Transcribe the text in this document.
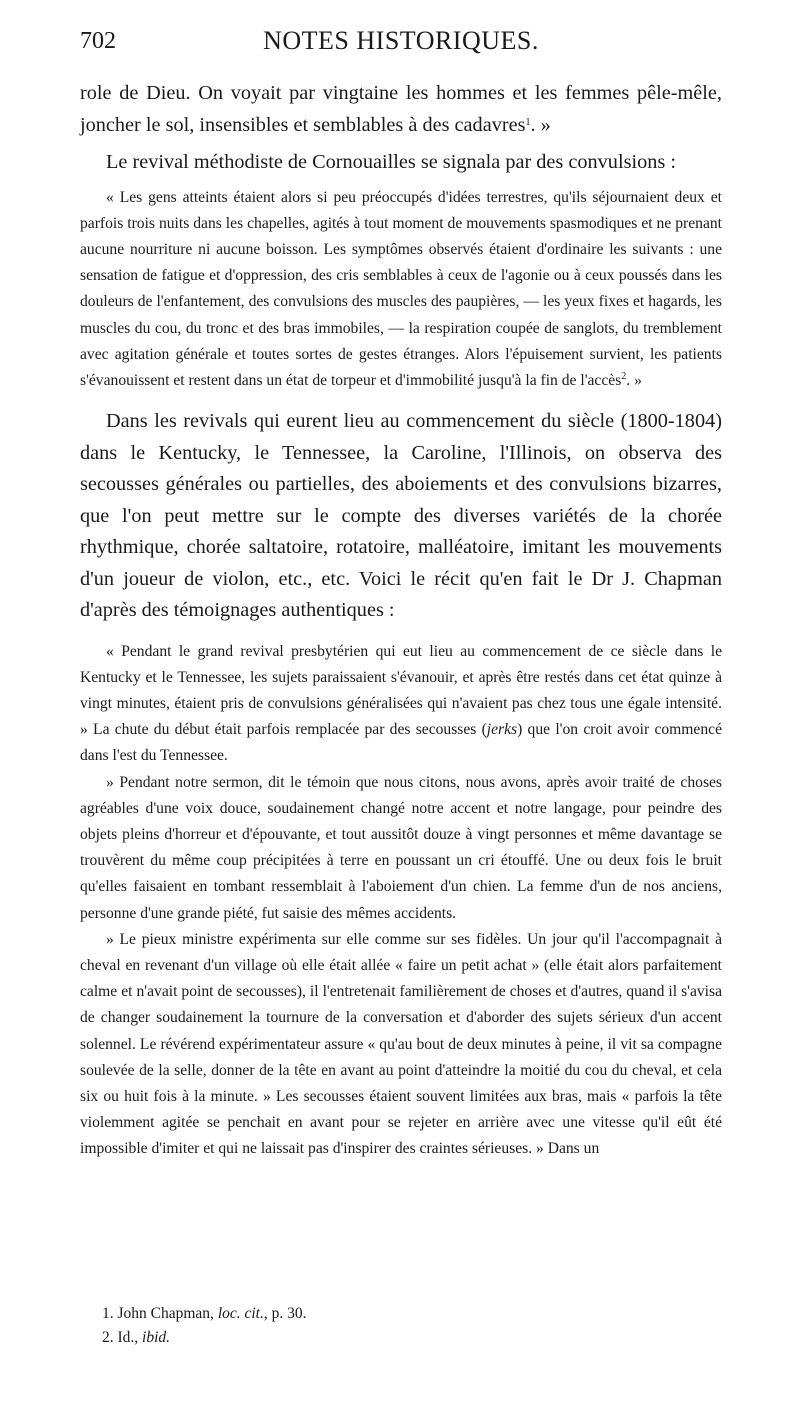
702	NOTES HISTORIQUES.

role de Dieu. On voyait par vingtaine les hommes et les femmes pêle-mêle, joncher le sol, insensibles et semblables à des cadavres$^1$. »

Le revival méthodiste de Cornouailles se signala par des convulsions :

« Les gens atteints étaient alors si peu préoccupés d'idées terrestres, qu'ils séjournaient deux et parfois trois nuits dans les chapelles, agités à tout moment de mouvements spasmodiques et ne prenant aucune nourriture ni aucune boisson. Les symptômes observés étaient d'ordinaire les suivants : une sensation de fatigue et d'oppression, des cris semblables à ceux de l'agonie ou à ceux poussés dans les douleurs de l'enfantement, des convulsions des muscles des paupières, — les yeux fixes et hagards, les muscles du cou, du tronc et des bras immobiles, — la respiration coupée de sanglots, du tremblement avec agitation générale et toutes sortes de gestes étranges. Alors l'épuisement survient, les patients s'évanouissent et restent dans un état de torpeur et d'immobilité jusqu'à la fin de l'accès$^2$. »

Dans les revivals qui eurent lieu au commencement du siècle (1800-1804) dans le Kentucky, le Tennessee, la Caroline, l'Illinois, on observa des secousses générales ou partielles, des aboiements et des convulsions bizarres, que l'on peut mettre sur le compte des diverses variétés de la chorée rhythmique, chorée saltatoire, rotatoire, malléatoire, imitant les mouvements d'un joueur de violon, etc., etc. Voici le récit qu'en fait le Dr J. Chapman d'après des témoignages authentiques :

« Pendant le grand revival presbytérien qui eut lieu au commencement de ce siècle dans le Kentucky et le Tennessee, les sujets paraissaient s'évanouir, et après être restés dans cet état quinze à vingt minutes, étaient pris de convulsions généralisées qui n'avaient pas chez tous une égale intensité. » La chute du début était parfois remplacée par des secousses (jerks) que l'on croit avoir commencé dans l'est du Tennessee.

» Pendant notre sermon, dit le témoin que nous citons, nous avons, après avoir traité de choses agréables d'une voix douce, soudainement changé notre accent et notre langage, pour peindre des objets pleins d'horreur et d'épouvante, et tout aussitôt douze à vingt personnes et même davantage se trouvèrent du même coup précipitées à terre en poussant un cri étouffé. Une ou deux fois le bruit qu'elles faisaient en tombant ressemblait à l'aboiement d'un chien. La femme d'un de nos anciens, personne d'une grande piété, fut saisie des mêmes accidents.

» Le pieux ministre expérimenta sur elle comme sur ses fidèles. Un jour qu'il l'accompagnait à cheval en revenant d'un village où elle était allée « faire un petit achat » (elle était alors parfaitement calme et n'avait point de secousses), il l'entretenait familièrement de choses et d'autres, quand il s'avisa de changer soudainement la tournure de la conversation et d'aborder des sujets sérieux d'un accent solennel. Le révérend expérimentateur assure « qu'au bout de deux minutes à peine, il vit sa compagne soulevée de la selle, donner de la tête en avant au point d'atteindre la moitié du cou du cheval, et cela six ou huit fois à la minute. » Les secousses étaient souvent limitées aux bras, mais « parfois la tête violemment agitée se penchait en avant pour se rejeter en arrière avec une vitesse qu'il eût été impossible d'imiter et qui ne laissait pas d'inspirer des craintes sérieuses. » Dans un

1. John Chapman, loc. cit., p. 30.
2. Id., ibid.
